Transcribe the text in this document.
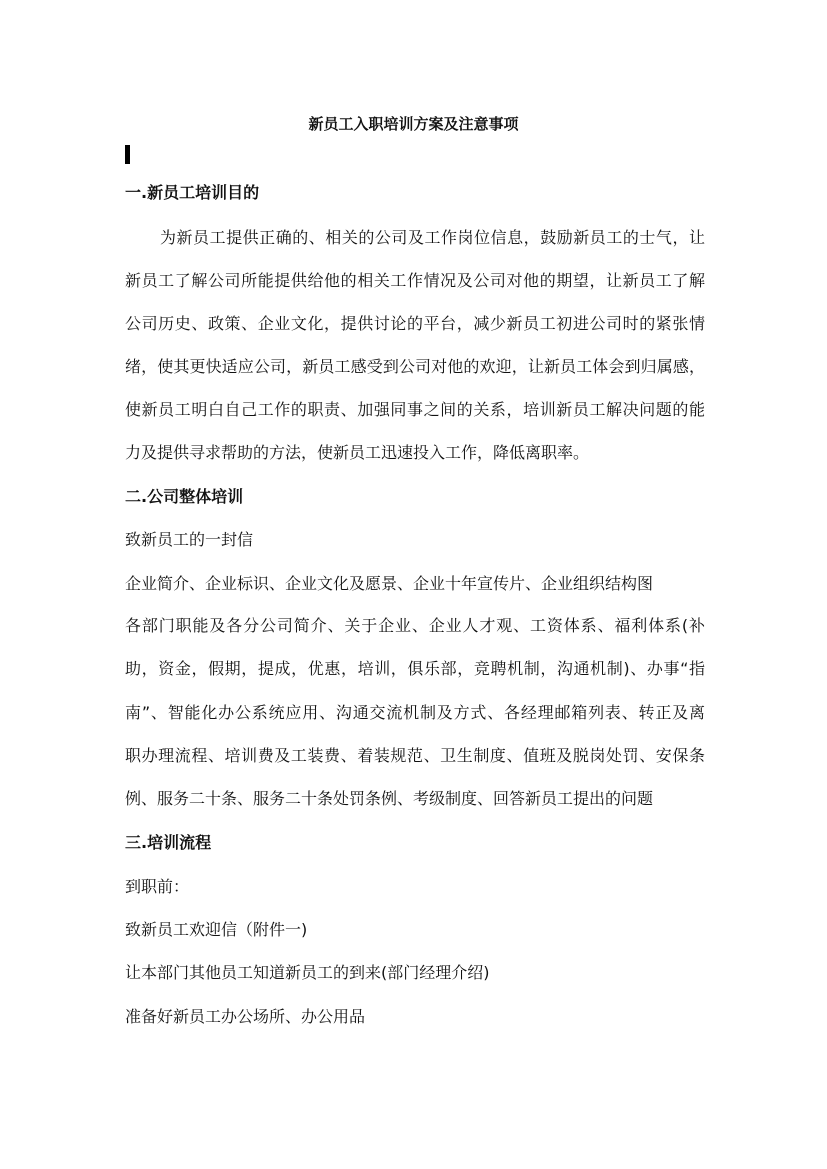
新员工入职培训方案及注意事项
一.新员工培训目的
为新员工提供正确的、相关的公司及工作岗位信息，鼓励新员工的士气，让
新员工了解公司所能提供给他的相关工作情况及公司对他的期望，让新员工了解
公司历史、政策、企业文化，提供讨论的平台，减少新员工初进公司时的紧张情
绪，使其更快适应公司，新员工感受到公司对他的欢迎，让新员工体会到归属感，
使新员工明白自己工作的职责、加强同事之间的关系，培训新员工解决问题的能
力及提供寻求帮助的方法，使新员工迅速投入工作，降低离职率。
二.公司整体培训
致新员工的一封信
企业简介、企业标识、企业文化及愿景、企业十年宣传片、企业组织结构图
各部门职能及各分公司简介、关于企业、企业人才观、工资体系、福利体系(补
助，资金，假期，提成，优惠，培训，俱乐部，竞聘机制，沟通机制)、办事“指
南”、智能化办公系统应用、沟通交流机制及方式、各经理邮箱列表、转正及离
职办理流程、培训费及工装费、着装规范、卫生制度、值班及脱岗处罚、安保条
例、服务二十条、服务二十条处罚条例、考级制度、回答新员工提出的问题
三.培训流程
到职前：
致新员工欢迎信（附件一)
让本部门其他员工知道新员工的到来(部门经理介绍)
准备好新员工办公场所、办公用品
